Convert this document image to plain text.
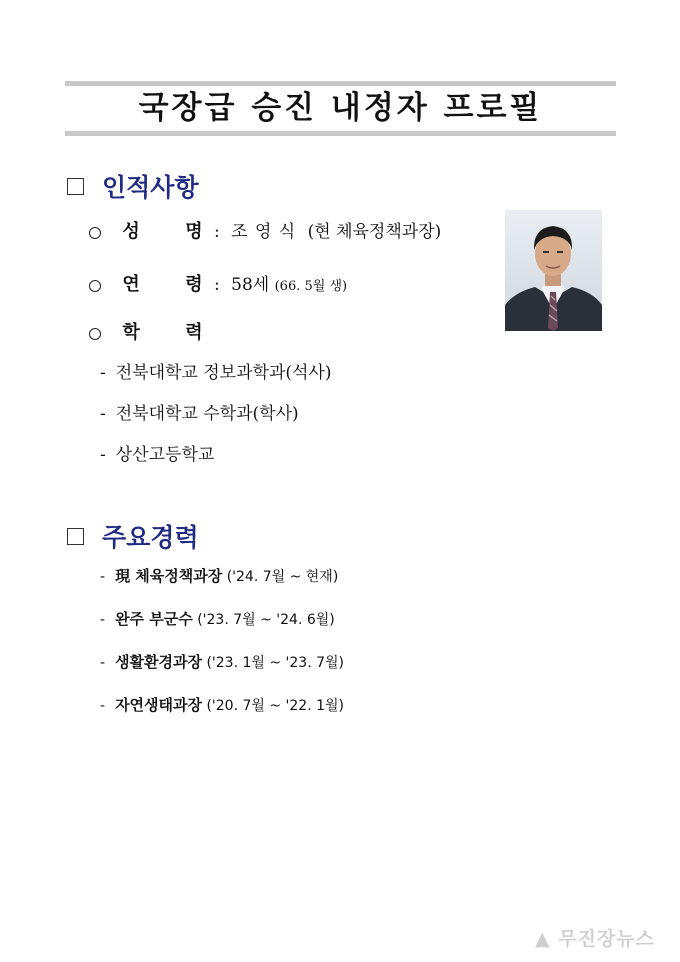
국장급 승진 내정자 프로필
인적사항
성	명 : 조 영 식 (현 체육정책과장)
연	령 : 58세 (66. 5월 생)
학	력
- 전북대학교 정보과학과(석사)
- 전북대학교 수학과(학사)
- 상산고등학교
주요경력
- 現 체육정책과장 ('24. 7월 ~ 현재)
- 완주 부군수 ('23. 7월 ~ '24. 6월)
- 생활환경과장 ('23. 1월 ~ '23. 7월)
- 자연생태과장 ('20. 7월 ~ '22. 1월)
▲ 무진장뉴스
